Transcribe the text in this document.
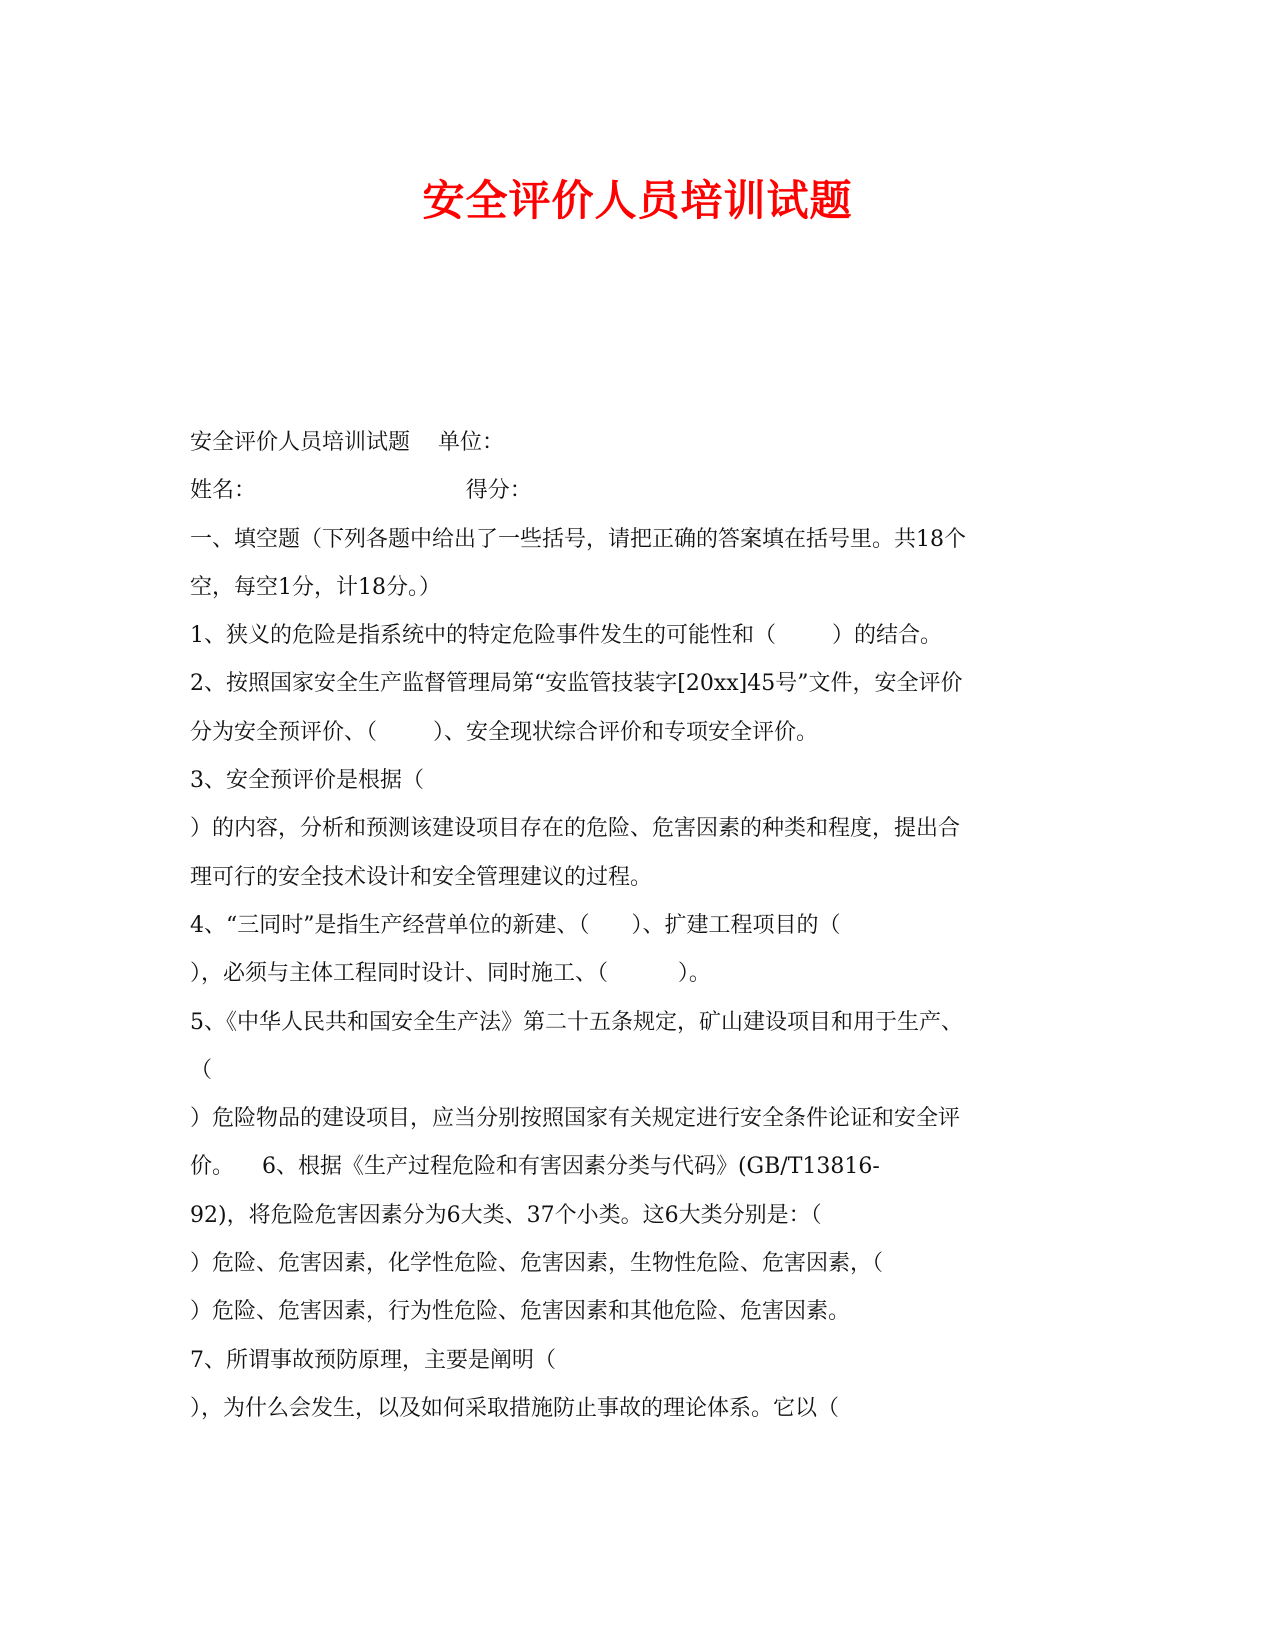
安全评价人员培训试题
安全评价人员培训试题    单位：
姓名：                              得分：
一、填空题（下列各题中给出了一些括号，请把正确的答案填在括号里。共18个
空，每空1分，计18分。）
1、狭义的危险是指系统中的特定危险事件发生的可能性和（        ）的结合。
2、按照国家安全生产监督管理局第“安监管技装字[20xx]45号”文件，安全评价
分为安全预评价、（        ）、安全现状综合评价和专项安全评价。
3、安全预评价是根据（
）的内容，分析和预测该建设项目存在的危险、危害因素的种类和程度，提出合
理可行的安全技术设计和安全管理建议的过程。
4、“三同时”是指生产经营单位的新建、（      ）、扩建工程项目的（
），必须与主体工程同时设计、同时施工、（          ）。
5、《中华人民共和国安全生产法》第二十五条规定，矿山建设项目和用于生产、
（
）危险物品的建设项目，应当分别按照国家有关规定进行安全条件论证和安全评
价。    6、根据《生产过程危险和有害因素分类与代码》(GB/T13816-
92)，将危险危害因素分为6大类、37个小类。这6大类分别是：（
）危险、危害因素，化学性危险、危害因素，生物性危险、危害因素，（
）危险、危害因素，行为性危险、危害因素和其他危险、危害因素。
7、所谓事故预防原理，主要是阐明（
），为什么会发生，以及如何采取措施防止事故的理论体系。它以（
